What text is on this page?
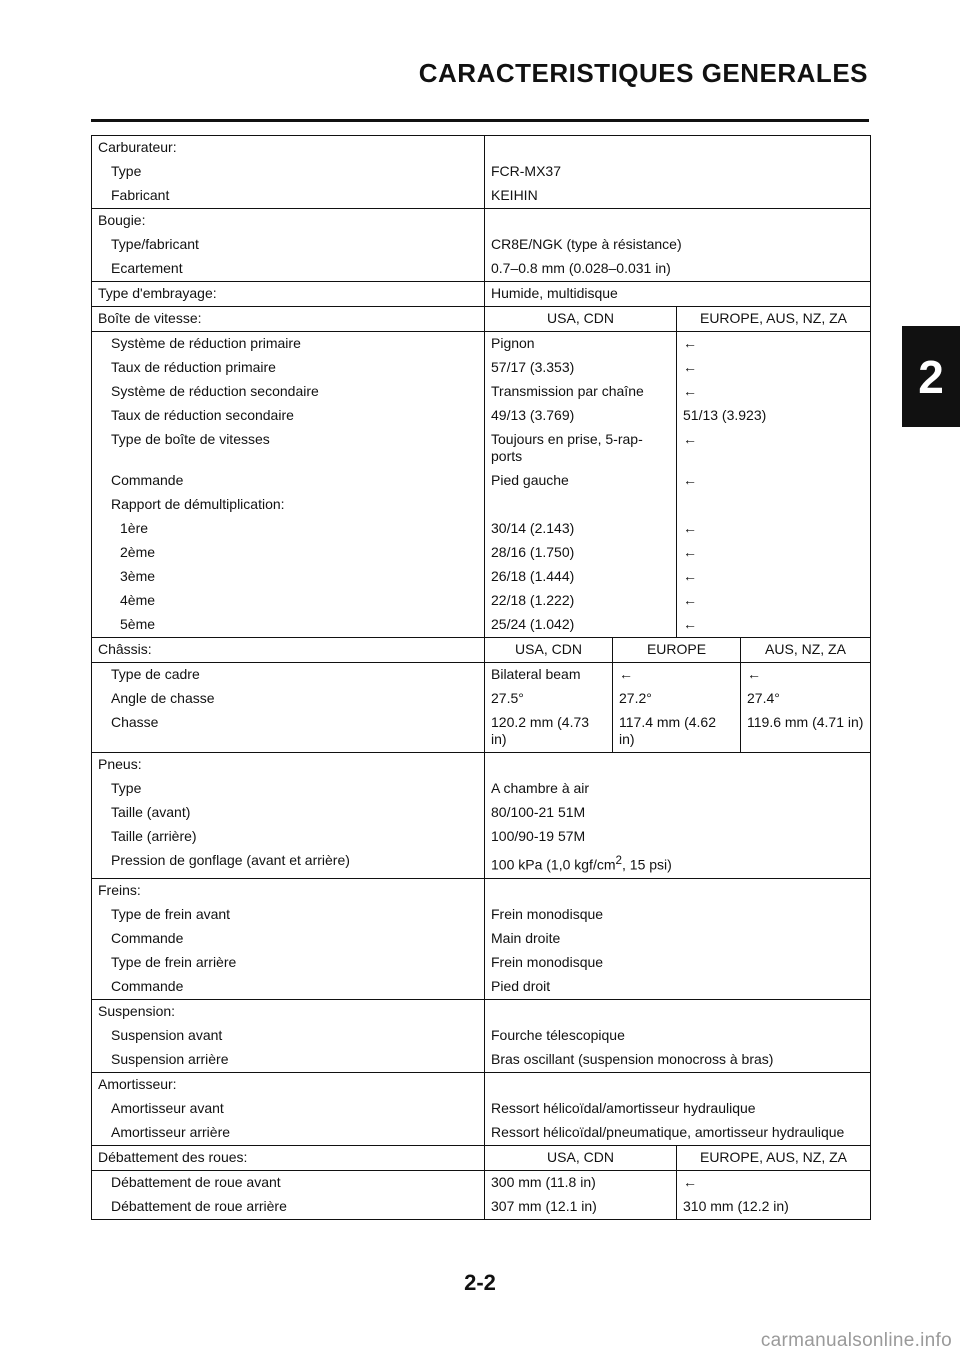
CARACTERISTIQUES GENERALES
2
Carburateur:				
Type	FCR-MX37			
Fabricant	KEIHIN			
Bougie:				
Type/fabricant	CR8E/NGK (type à résistance)			
Ecartement	0.7–0.8 mm (0.028–0.031 in)			
Type d'embrayage:	Humide, multidisque			
Boîte de vitesse:	USA, CDN		EUROPE, AUS, NZ, ZA	
Système de réduction primaire	Pignon		←	
Taux de réduction primaire	57/17 (3.353)		←	
Système de réduction secondaire	Transmission par chaîne		←	
Taux de réduction secondaire	49/13 (3.769)		51/13 (3.923)	
Type de boîte de vitesses	Toujours en prise, 5-rap-ports		←	
Commande	Pied gauche		←	
Rapport de démultiplication:				
1ère	30/14 (2.143)		←	
2ème	28/16 (1.750)		←	
3ème	26/18 (1.444)		←	
4ème	22/18 (1.222)		←	
5ème	25/24 (1.042)		←	
Châssis:	USA, CDN	EUROPE		AUS, NZ, ZA
Type de cadre	Bilateral beam	←		←
Angle de chasse	27.5°	27.2°		27.4°
Chasse	120.2 mm (4.73 in)	117.4 mm (4.62 in)		119.6 mm (4.71 in)
Pneus:				
Type	A chambre à air			
Taille (avant)	80/100-21 51M			
Taille (arrière)	100/90-19 57M			
Pression de gonflage (avant et arrière)	100 kPa (1,0 kgf/$cm^2$, 15 psi)			
Freins:				
Type de frein avant	Frein monodisque			
Commande	Main droite			
Type de frein arrière	Frein monodisque			
Commande	Pied droit			
Suspension:				
Suspension avant	Fourche télescopique			
Suspension arrière	Bras oscillant (suspension monocross à bras)			
Amortisseur:				
Amortisseur avant	Ressort hélicoïdal/amortisseur hydraulique			
Amortisseur arrière	Ressort hélicoïdal/pneumatique, amortisseur hydraulique			
Débattement des roues:	USA, CDN		EUROPE, AUS, NZ, ZA	
Débattement de roue avant	300 mm (11.8 in)		←	
Débattement de roue arrière	307 mm (12.1 in)		310 mm (12.2 in)	
2-2
carmanualsonline.info
